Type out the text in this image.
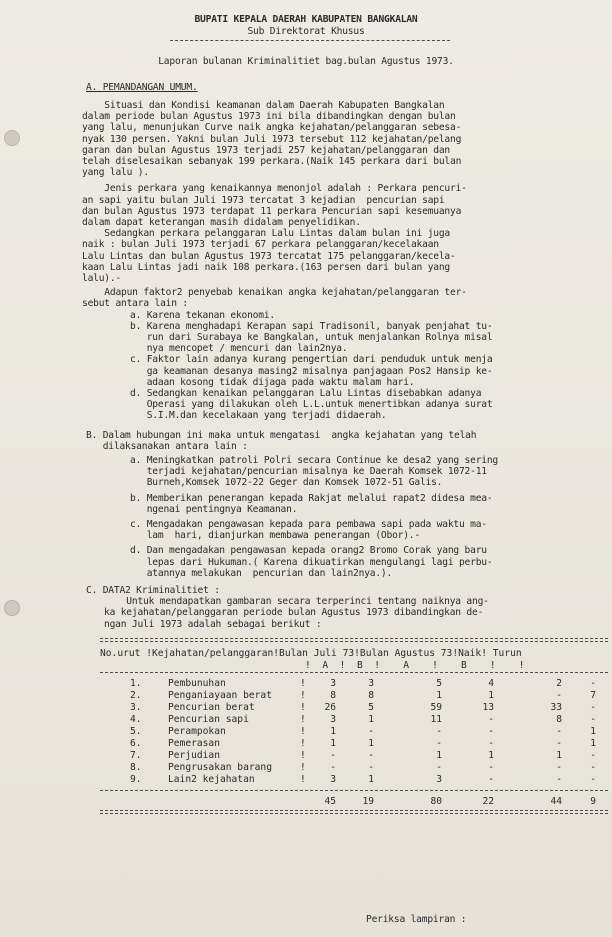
BUPATI KEPALA DAERAH KABUPATEN BANGKALAN
Sub Direktorat Khusus
Laporan bulanan Kriminalitiet bag.bulan Agustus 1973.
A. PEMANDANGAN UMUM.
Situasi dan Kondisi keamanan dalam Daerah Kabupaten Bangkalan
dalam periode bulan Agustus 1973 ini bila dibandingkan dengan bulan
yang lalu, menunjukan Curve naik angka kejahatan/pelanggaran sebesa-
nyak 130 persen. Yakni bulan Juli 1973 tersebut 112 kejahatan/pelang
garan dan bulan Agustus 1973 terjadi 257 kejahatan/pelanggaran dan
telah diselesaikan sebanyak 199 perkara.(Naik 145 perkara dari bulan
yang lalu ).
Jenis perkara yang kenaikannya menonjol adalah : Perkara pencuri-
an sapi yaitu bulan Juli 1973 tercatat 3 kejadian  pencurian sapi
dan bulan Agustus 1973 terdapat 11 perkara Pencurian sapi kesemuanya
dalam dapat keterangan masih didalam penyelidikan.
Sedangkan perkara pelanggaran Lalu Lintas dalam bulan ini juga
naik : bulan Juli 1973 terjadi 67 perkara pelanggaran/kecelakaan
Lalu Lintas dan bulan Agustus 1973 tercatat 175 pelanggaran/kecela-
kaan Lalu Lintas jadi naik 108 perkara.(163 persen dari bulan yang
lalu).-
Adapun faktor2 penyebab kenaikan angka kejahatan/pelanggaran ter-
sebut antara lain :
a. Karena tekanan ekonomi.
b. Karena menghadapi Kerapan sapi Tradisonil, banyak penjahat tu-
run dari Surabaya ke Bangkalan, untuk menjalankan Rolnya misal
nya mencopet / mencuri dan lain2nya.
c. Faktor lain adanya kurang pengertian dari penduduk untuk menja
ga keamanan desanya masing2 misalnya panjagaan Pos2 Hansip ke-
adaan kosong tidak dijaga pada waktu malam hari.
d. Sedangkan kenaikan pelanggaran Lalu Lintas disebabkan adanya
Operasi yang dilakukan oleh L.L.untuk menertibkan adanya surat
S.I.M.dan kecelakaan yang terjadi didaerah.
B. Dalam hubungan ini maka untuk mengatasi  angka kejahatan yang telah
dilaksanakan antara lain :
a. Meningkatkan patroli Polri secara Continue ke desa2 yang sering
terjadi kejahatan/pencurian misalnya ke Daerah Komsek 1072-11
Burneh,Komsek 1072-22 Geger dan Komsek 1072-51 Galis.
b. Memberikan penerangan kepada Rakjat melalui rapat2 didesa mea-
ngenai pentingnya Keamanan.
c. Mengadakan pengawasan kepada para pembawa sapi pada waktu ma-
lam  hari, dianjurkan membawa penerangan (Obor).-
d. Dan mengadakan pengawasan kepada orang2 Bromo Corak yang baru
lepas dari Hukuman.( Karena dikuatirkan mengulangi lagi perbu-
atannya melakukan  pencurian dan lain2nya.).
C. DATA2 Kriminalitiet :
Untuk mendapatkan gambaran secara terperinci tentang naiknya ang-
ka kejahatan/pelanggaran periode bulan Agustus 1973 dibandingkan de-
ngan Juli 1973 adalah sebagai berikut :
No.urut !Kejahatan/pelanggaran!Bulan Juli 73!Bulan Agustus 73!Naik! Turun
!  A  !  B  !    A    !    B    !    !
1.	Pembunuhan	!	3	3	5	4	2	-
2.	Penganiayaan berat	!	8	8	1	1	-	7
3.	Pencurian berat	!	26	5	59	13	33	-
4.	Pencurian sapi	!	3	1	11	-	8	-
5.	Perampokan	!	1	-	-	-	-	1
6.	Pemerasan	!	1	1	-	-	-	1
7.	Perjudian	!	-	-	1	1	1	-
8.	Pengrusakan barang	!	-	-	-	-	-	-
9.	Lain2 kejahatan	!	3	1	3	-	-	-
45	19	80	22	44	9
Periksa lampiran :
